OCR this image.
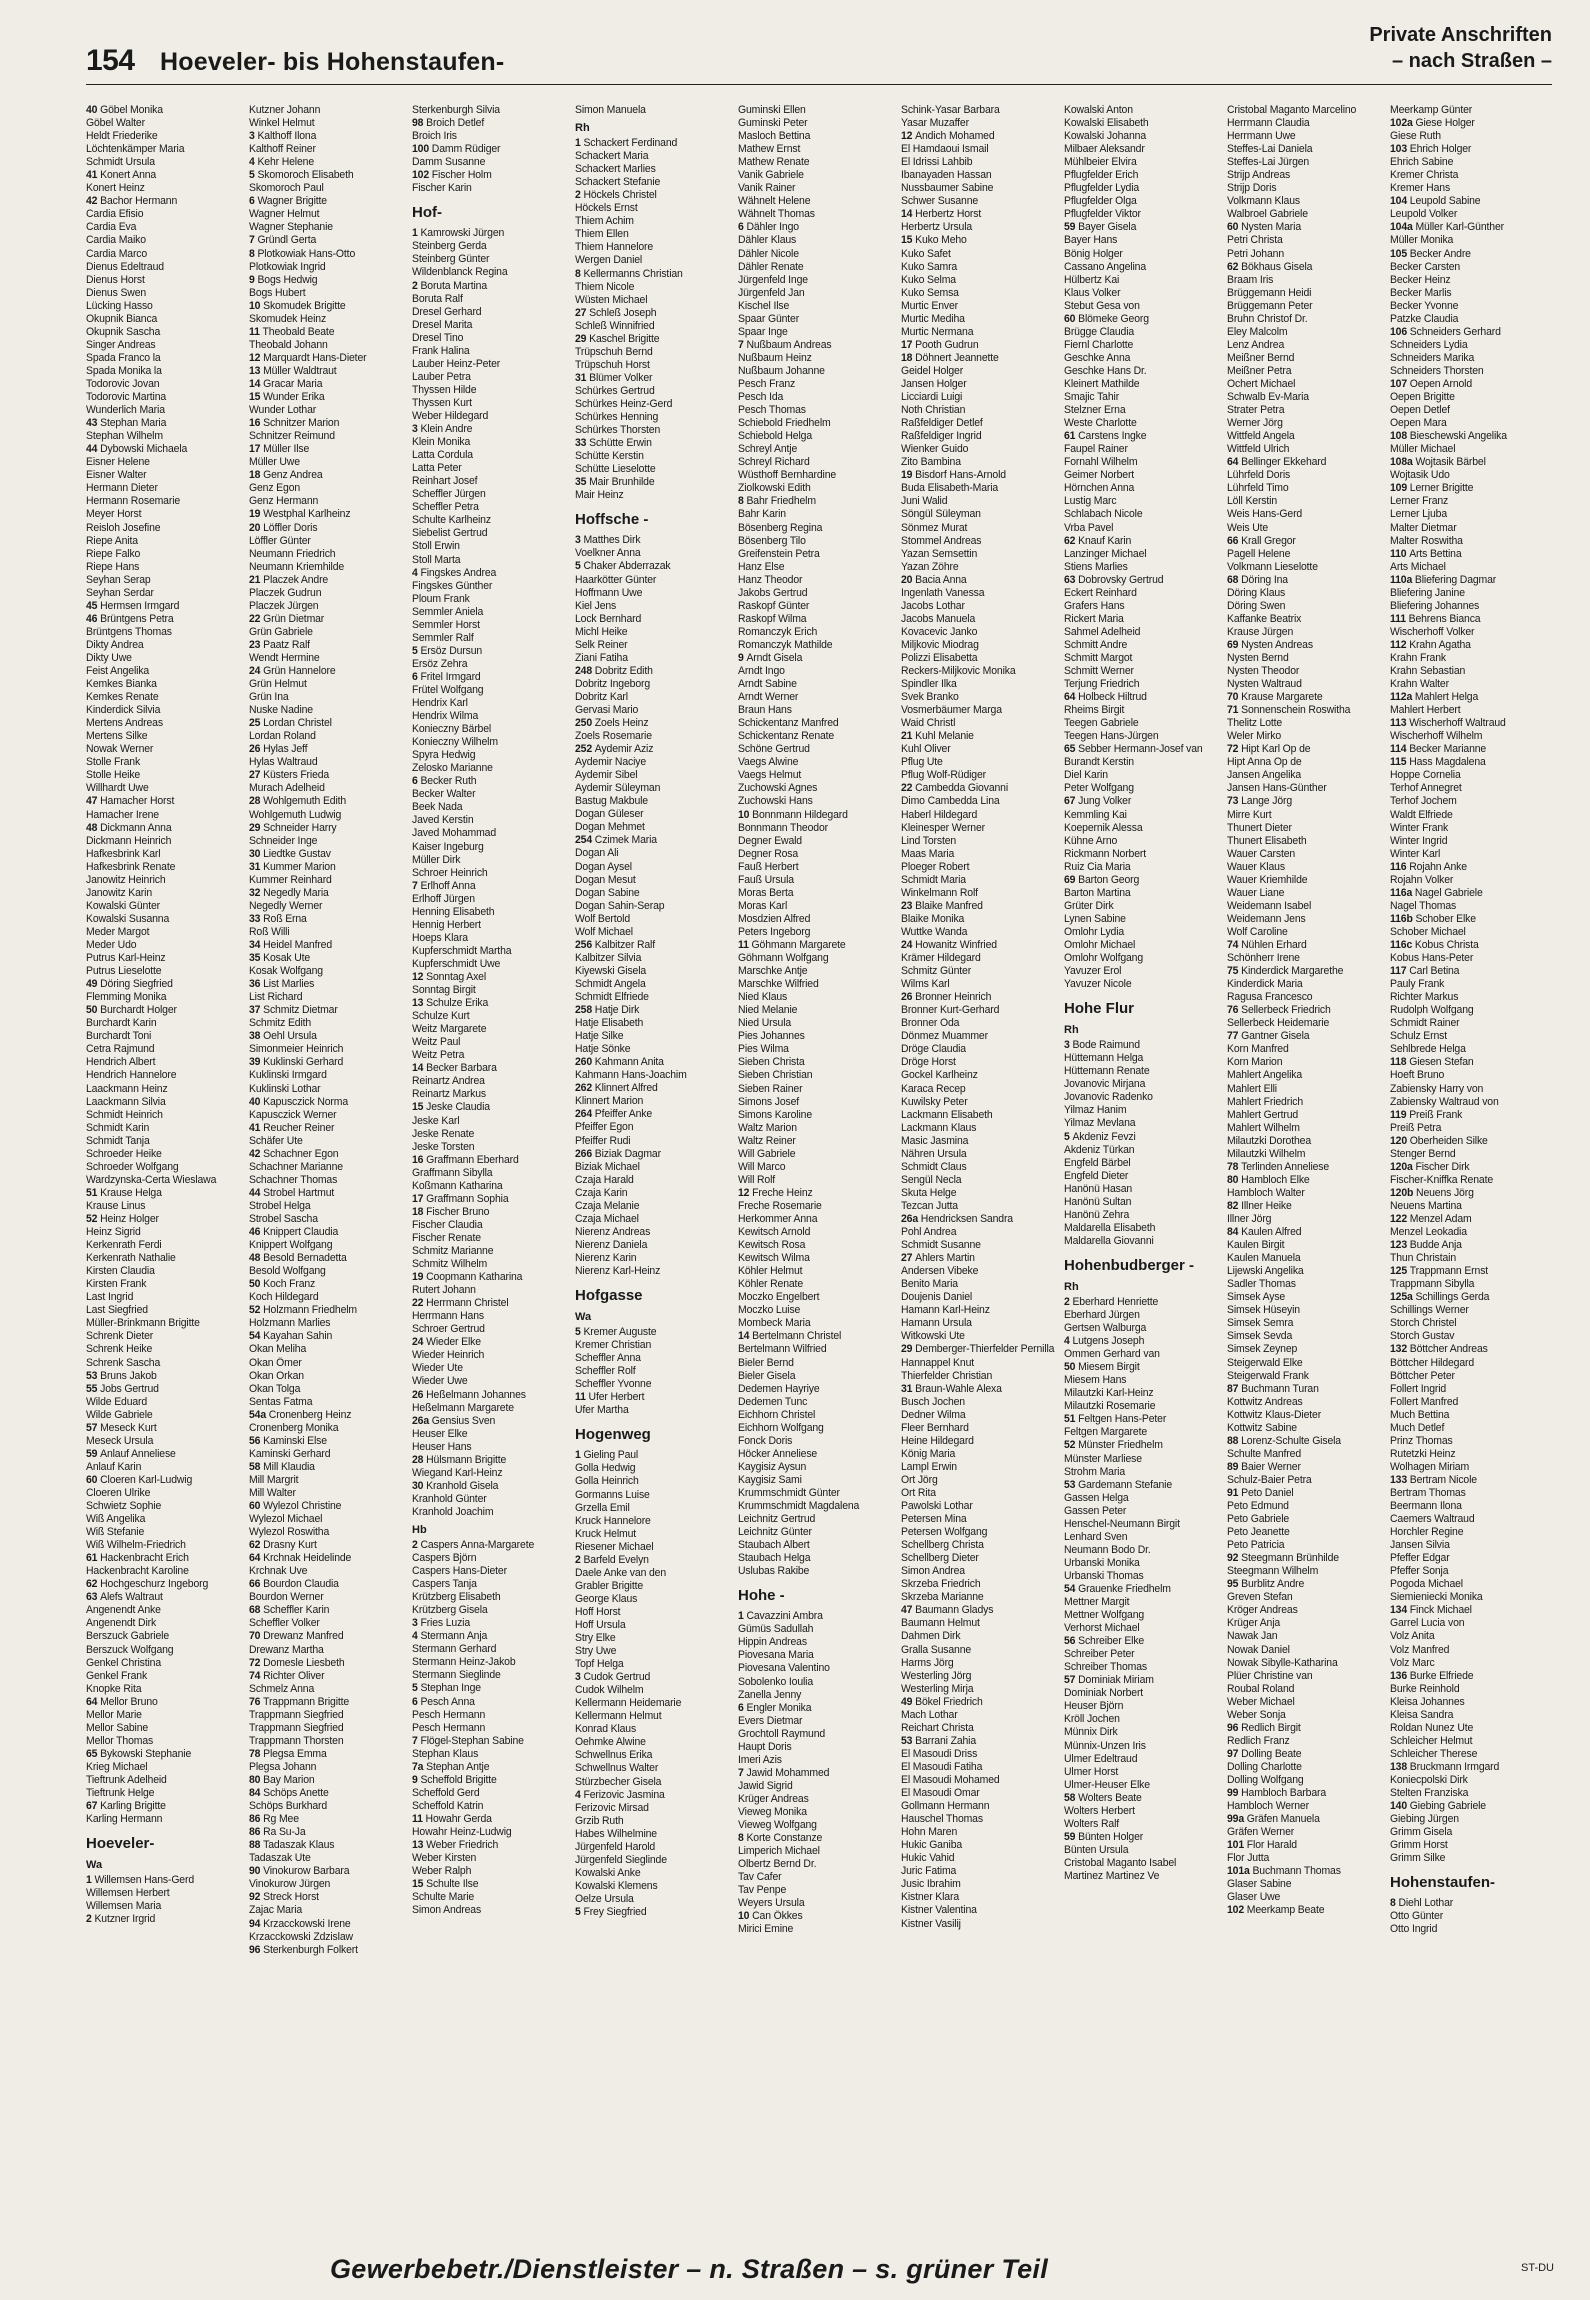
154 Hoeveler- bis Hohenstaufen-
Private Anschriften
– nach Straßen –
40 Göbel Monika
Göbel Walter
Heldt Friederike
Löchtenkämper Maria
Schmidt Ursula
41 Konert Anna
Konert Heinz
42 Bachor Hermann
Cardia Efisio
Cardia Eva
Cardia Maiko
Cardia Marco
Dienus Edeltraud
Dienus Horst
Dienus Swen
Lücking Hasso
Okupnik Bianca
Okupnik Sascha
Singer Andreas
Spada Franco la
Spada Monika la
Todorovic Jovan
Todorovic Martina
Wunderlich Maria
43 Stephan Maria
Stephan Wilhelm
44 Dybowski Michaela
Eisner Helene
Eisner Walter
Hermann Dieter
Hermann Rosemarie
Meyer Horst
Reisloh Josefine
Riepe Anita
Riepe Falko
Riepe Hans
Seyhan Serap
Seyhan Serdar
45 Hermsen Irmgard
46 Brüntgens Petra
Brüntgens Thomas
Dikty Andrea
Dikty Uwe
Feist Angelika
Kemkes Bianka
Kemkes Renate
Kinderdick Silvia
Mertens Andreas
Mertens Silke
Nowak Werner
Stolle Frank
Stolle Heike
Willhardt Uwe
47 Hamacher Horst
Hamacher Irene
48 Dickmann Anna
Dickmann Heinrich
Hafkesbrink Karl
Hafkesbrink Renate
Janowitz Heinrich
Janowitz Karin
Kowalski Günter
Kowalski Susanna
Meder Margot
Meder Udo
Putrus Karl-Heinz
Putrus Lieselotte
49 Döring Siegfried
Flemming Monika
50 Burchardt Holger
Burchardt Karin
Burchardt Toni
Cetra Rajmund
Hendrich Albert
Hendrich Hannelore
Laackmann Heinz
Laackmann Silvia
Schmidt Heinrich
Schmidt Karin
Schmidt Tanja
Schroeder Heike
Schroeder Wolfgang
Wardzynska-Certa Wieslawa
51 Krause Helga
Krause Linus
52 Heinz Holger
Heinz Sigrid
Kerkenrath Ferdi
Kerkenrath Nathalie
Kirsten Claudia
Kirsten Frank
Last Ingrid
Last Siegfried
Müller-Brinkmann Brigitte
Schrenk Dieter
Schrenk Heike
Schrenk Sascha
53 Bruns Jakob
55 Jobs Gertrud
Wilde Eduard
Wilde Gabriele
57 Meseck Kurt
Meseck Ursula
59 Anlauf Anneliese
Anlauf Karin
60 Cloeren Karl-Ludwig
Cloeren Ulrike
Schwietz Sophie
Wiß Angelika
Wiß Stefanie
Wiß Wilhelm-Friedrich
61 Hackenbracht Erich
Hackenbracht Karoline
62 Hochgeschurz Ingeborg
63 Alefs Waltraut
Angenendt Anke
Angenendt Dirk
Berszuck Gabriele
Berszuck Wolfgang
Genkel Christina
Genkel Frank
Knopke Rita
64 Mellor Bruno
Mellor Marie
Mellor Sabine
Mellor Thomas
65 Bykowski Stephanie
Krieg Michael
Tieftrunk Adelheid
Tieftrunk Helge
67 Karling Brigitte
Karling Hermann
Hoeveler-
Wa
1 Willemsen Hans-Gerd
Willemsen Herbert
Willemsen Maria
2 Kutzner Irgrid
Kutzner Johann
Winkel Helmut
3 Kalthoff Ilona
Kalthoff Reiner
4 Kehr Helene
5 Skomoroch Elisabeth
Skomoroch Paul
6 Wagner Brigitte
Wagner Helmut
Wagner Stephanie
7 Gründl Gerta
8 Plotkowiak Hans-Otto
Plotkowiak Ingrid
9 Bogs Hedwig
Bogs Hubert
10 Skomudek Brigitte
Skomudek Heinz
11 Theobald Beate
Theobald Johann
12 Marquardt Hans-Dieter
13 Müller Waldtraut
14 Gracar Maria
15 Wunder Erika
Wunder Lothar
16 Schnitzer Marion
Schnitzer Reimund
17 Müller Ilse
Müller Uwe
18 Genz Andrea
Genz Egon
Genz Hermann
19 Westphal Karlheinz
20 Löffler Doris
Löffler Günter
Neumann Friedrich
Neumann Kriemhilde
21 Placzek Andre
Placzek Gudrun
Placzek Jürgen
22 Grün Dietmar
Grün Gabriele
23 Paatz Ralf
Wendt Hermine
24 Grün Hannelore
Grün Helmut
Grün Ina
Nuske Nadine
25 Lordan Christel
Lordan Roland
26 Hylas Jeff
Hylas Waltraud
27 Küsters Frieda
Murach Adelheid
28 Wohlgemuth Edith
Wohlgemuth Ludwig
29 Schneider Harry
Schneider Inge
30 Liedtke Gustav
31 Kummer Marion
Kummer Reinhard
32 Negedly Maria
Negedly Werner
33 Roß Erna
Roß Willi
34 Heidel Manfred
35 Kosak Ute
Kosak Wolfgang
36 List Marlies
List Richard
37 Schmitz Dietmar
Schmitz Edith
38 Oehl Ursula
Simonmeier Heinrich
39 Kuklinski Gerhard
Kuklinski Irmgard
Kuklinski Lothar
40 Kapusczick Norma
Kapusczick Werner
41 Reucher Reiner
Schäfer Ute
42 Schachner Egon
Schachner Marianne
Schachner Thomas
44 Strobel Hartmut
Strobel Helga
Strobel Sascha
46 Knippert Claudia
Knippert Wolfgang
48 Besold Bernadetta
Besold Wolfgang
50 Koch Franz
Koch Hildegard
52 Holzmann Friedhelm
Holzmann Marlies
54 Kayahan Sahin
Okan Meliha
Okan Ömer
Okan Orkan
Okan Tolga
Sentas Fatma
54a Cronenberg Heinz
Cronenberg Monika
56 Kaminski Else
Kaminski Gerhard
58 Mill Klaudia
Mill Margrit
Mill Walter
60 Wylezol Christine
Wylezol Michael
Wylezol Roswitha
62 Drasny Kurt
64 Krchnak Heidelinde
Krchnak Uve
66 Bourdon Claudia
Bourdon Werner
68 Scheffler Karin
Scheffler Volker
70 Drewanz Manfred
Drewanz Martha
72 Domesle Liesbeth
74 Richter Oliver
Schmelz Anna
76 Trappmann Brigitte
Trappmann Siegfried
Trappmann Siegfried
Trappmann Thorsten
78 Plegsa Emma
Plegsa Johann
80 Bay Marion
84 Schöps Anette
Schöps Burkhard
86 Rg Mee
86 Ra Su-Ja
88 Tadaszak Klaus
Tadaszak Ute
90 Vinokurow Barbara
Vinokurow Jürgen
92 Streck Horst
Zajac Maria
94 Krzacckowski Irene
Krzacckowski Zdzislaw
96 Sterkenburgh Folkert
Sterkenburgh Silvia
98 Broich Detlef
Broich Iris
100 Damm Rüdiger
Damm Susanne
102 Fischer Holm
Fischer Karin
Hof-
1 Kamrowski Jürgen
Steinberg Gerda
Steinberg Günter
Wildenblanck Regina
2 Boruta Martina
Boruta Ralf
Dresel Gerhard
Dresel Marita
Dresel Tino
Frank Halina
Lauber Heinz-Peter
Lauber Petra
Thyssen Hilde
Thyssen Kurt
Weber Hildegard
3 Klein Andre
Klein Monika
Latta Cordula
Latta Peter
Reinhart Josef
Scheffler Jürgen
Scheffler Petra
Schulte Karlheinz
Siebelist Gertrud
Stoll Erwin
Stoll Marta
4 Fingskes Andrea
Fingskes Günther
Ploum Frank
Semmler Aniela
Semmler Horst
Semmler Ralf
5 Ersöz Dursun
Ersöz Zehra
6 Fritel Irmgard
Frütel Wolfgang
Hendrix Karl
Hendrix Wilma
Konieczny Bärbel
Konieczny Wilhelm
Spyra Hedwig
Zelosko Marianne
6 Becker Ruth
Becker Walter
Beek Nada
Javed Kerstin
Javed Mohammad
Kaiser Ingeburg
Müller Dirk
Schroer Heinrich
7 Erlhoff Anna
Erlhoff Jürgen
Henning Elisabeth
Hennig Herbert
Hoeps Klara
Kupferschmidt Martha
Kupferschmidt Uwe
12 Sonntag Axel
Sonntag Birgit
13 Schulze Erika
Schulze Kurt
Weitz Margarete
Weitz Paul
Weitz Petra
14 Becker Barbara
Reinartz Andrea
Reinartz Markus
15 Jeske Claudia
Jeske Karl
Jeske Renate
Jeske Torsten
16 Graffmann Eberhard
Graffmann Sibylla
Koßmann Katharina
17 Graffmann Sophia
18 Fischer Bruno
Fischer Claudia
Fischer Renate
Schmitz Marianne
Schmitz Wilhelm
19 Coopmann Katharina
Rutert Johann
22 Herrmann Christel
Herrmann Hans
Schroer Gertrud
24 Wieder Elke
Wieder Heinrich
Wieder Ute
Wieder Uwe
26 Heßelmann Johannes
Heßelmann Margarete
26a Gensius Sven
Heuser Elke
Heuser Hans
28 Hülsmann Brigitte
Wiegand Karl-Heinz
30 Kranhold Gisela
Kranhold Günter
Kranhold Joachim
Hb
2 Caspers Anna-Margarete
Caspers Björn
Caspers Hans-Dieter
Caspers Tanja
Krützberg Elisabeth
Krützberg Gisela
3 Fries Luzia
4 Stermann Anja
Stermann Gerhard
Stermann Heinz-Jakob
Stermann Sieglinde
5 Stephan Inge
6 Pesch Anna
Pesch Hermann
Pesch Hermann
7 Flögel-Stephan Sabine
Stephan Klaus
7a Stephan Antje
9 Scheffold Brigitte
Scheffold Gerd
Scheffold Katrin
11 Howahr Gerda
Howahr Heinz-Ludwig
13 Weber Friedrich
Weber Kirsten
Weber Ralph
15 Schulte Ilse
Schulte Marie
Simon Andreas
Simon Manuela
Rh
1 Schackert Ferdinand
Schackert Maria
Schackert Marlies
Schackert Stefanie
2 Höckels Christel
Höckels Ernst
Thiem Achim
Thiem Ellen
Thiem Hannelore
Wergen Daniel
8 Kellermanns Christian
Thiem Nicole
Wüsten Michael
27 Schleß Joseph
Schleß Winnifried
29 Kaschel Brigitte
Trüpschuh Bernd
Trüpschuh Horst
31 Blümer Volker
Schürkes Gertrud
Schürkes Heinz-Gerd
Schürkes Henning
Schürkes Thorsten
33 Schütte Erwin
Schütte Kerstin
Schütte Lieselotte
35 Mair Brunhilde
Mair Heinz
Hoffsche -
3 Matthes Dirk
Voelkner Anna
5 Chaker Abderrazak
Haarkötter Günter
Hoffmann Uwe
Kiel Jens
Lock Bernhard
Michl Heike
Selk Reiner
Ziani Fatiha
248 Dobritz Edith
Dobritz Ingeborg
Dobritz Karl
Gervasi Mario
250 Zoels Heinz
Zoels Rosemarie
252 Aydemir Aziz
Aydemir Naciye
Aydemir Sibel
Aydemir Süleyman
Bastug Makbule
Dogan Güleser
Dogan Mehmet
254 Czimek Maria
Dogan Ali
Dogan Aysel
Dogan Mesut
Dogan Sabine
Dogan Sahin-Serap
Wolf Bertold
Wolf Michael
256 Kalbitzer Ralf
Kalbitzer Silvia
Kiyewski Gisela
Schmidt Angela
Schmidt Elfriede
258 Hatje Dirk
Hatje Elisabeth
Hatje Silke
Hatje Sönke
260 Kahmann Anita
Kahmann Hans-Joachim
262 Klinnert Alfred
Klinnert Marion
264 Pfeiffer Anke
Pfeiffer Egon
Pfeiffer Rudi
266 Biziak Dagmar
Biziak Michael
Czaja Harald
Czaja Karin
Czaja Melanie
Czaja Michael
Nierenz Andreas
Nierenz Daniela
Nierenz Karin
Nierenz Karl-Heinz
Hofgasse
Wa
5 Kremer Auguste
Kremer Christian
Scheffler Anna
Scheffler Rolf
Scheffler Yvonne
11 Ufer Herbert
Ufer Martha
Hogenweg
1 Gieling Paul
Golla Hedwig
Golla Heinrich
Gormanns Luise
Grzella Emil
Kruck Hannelore
Kruck Helmut
Riesener Michael
2 Barfeld Evelyn
Daele Anke van den
Grabler Brigitte
George Klaus
Hoff Horst
Hoff Ursula
Stry Elke
Stry Uwe
Topf Helga
3 Cudok Gertrud
Cudok Wilhelm
Kellermann Heidemarie
Kellermann Helmut
Konrad Klaus
Oehmke Alwine
Schwellnus Erika
Schwellnus Walter
Stürzbecher Gisela
4 Ferizovic Jasmina
Ferizovic Mirsad
Grzib Ruth
Habes Wilhelmine
Jürgenfeld Harold
Jürgenfeld Sieglinde
Kowalski Anke
Kowalski Klemens
Oelze Ursula
5 Frey Siegfried
Guminski Ellen
Guminski Peter
Masloch Bettina
Mathew Ernst
Mathew Renate
Vanik Gabriele
Vanik Rainer
Wähnelt Helene
Wähnelt Thomas
6 Dähler Ingo
Dähler Klaus
Dähler Nicole
Dähler Renate
Jürgenfeld Inge
Jürgenfeld Jan
Kischel Ilse
Spaar Günter
Spaar Inge
7 Nußbaum Andreas
Nußbaum Heinz
Nußbaum Johanne
Pesch Franz
Pesch Ida
Pesch Thomas
Schiebold Friedhelm
Schiebold Helga
Schreyl Antje
Schreyl Richard
Wüsthoff Bernhardine
Ziolkowski Edith
8 Bahr Friedhelm
Bahr Karin
Bösenberg Regina
Bösenberg Tilo
Greifenstein Petra
Hanz Else
Hanz Theodor
Jakobs Gertrud
Raskopf Günter
Raskopf Wilma
Romanczyk Erich
Romanczyk Mathilde
9 Arndt Gisela
Arndt Ingo
Arndt Sabine
Arndt Werner
Braun Hans
Schickentanz Manfred
Schickentanz Renate
Schöne Gertrud
Vaegs Alwine
Vaegs Helmut
Zuchowski Agnes
Zuchowski Hans
10 Bonnmann Hildegard
Bonnmann Theodor
Degner Ewald
Degner Rosa
Fauß Herbert
Fauß Ursula
Moras Berta
Moras Karl
Mosdzien Alfred
Peters Ingeborg
11 Göhmann Margarete
Göhmann Wolfgang
Marschke Antje
Marschke Wilfried
Nied Klaus
Nied Melanie
Nied Ursula
Pies Johannes
Pies Wilma
Sieben Christa
Sieben Christian
Sieben Rainer
Simons Josef
Simons Karoline
Waltz Marion
Waltz Reiner
Will Gabriele
Will Marco
Will Rolf
12 Freche Heinz
Freche Rosemarie
Herkommer Anna
Kewitsch Arnold
Kewitsch Rosa
Kewitsch Wilma
Köhler Helmut
Köhler Renate
Moczko Engelbert
Moczko Luise
Mombeck Maria
14 Bertelmann Christel
Bertelmann Wilfried
Bieler Bernd
Bieler Gisela
Dedemen Hayriye
Dedemen Tunc
Eichhorn Christel
Eichhorn Wolfgang
Fonck Doris
Höcker Anneliese
Kaygisiz Aysun
Kaygisiz Sami
Krummschmidt Günter
Krummschmidt Magdalena
Leichnitz Gertrud
Leichnitz Günter
Staubach Albert
Staubach Helga
Uslubas Rakibe
Hohe -
1 Cavazzini Ambra
Gümüs Sadullah
Hippin Andreas
Piovesana Maria
Piovesana Valentino
Sobolenko Ioulia
Zanella Jenny
6 Engler Monika
Evers Dietmar
Grochtoll Raymund
Haupt Doris
Imeri Azis
7 Jawid Mohammed
Jawid Sigrid
Krüger Andreas
Vieweg Monika
Vieweg Wolfgang
8 Korte Constanze
Limperich Michael
Olbertz Bernd Dr.
Tav Cafer
Tav Penpe
Weyers Ursula
10 Can Ökkes
Mirici Emine
Schink-Yasar Barbara
Yasar Muzaffer
12 Andich Mohamed
El Hamdaoui Ismail
El Idrissi Lahbib
Ibanayaden Hassan
Nussbaumer Sabine
Schwer Susanne
14 Herbertz Horst
Herbertz Ursula
15 Kuko Meho
Kuko Safet
Kuko Samra
Kuko Selma
Kuko Semsa
Murtic Enver
Murtic Mediha
Murtic Nermana
17 Pooth Gudrun
18 Döhnert Jeannette
Geidel Holger
Jansen Holger
Licciardi Luigi
Noth Christian
Raßfeldiger Detlef
Raßfeldiger Ingrid
Wienker Guido
Zito Bambina
19 Bisdorf Hans-Arnold
Buda Elisabeth-Maria
Juni Walid
Söngül Süleyman
Sönmez Murat
Stommel Andreas
Yazan Semsettin
Yazan Zöhre
20 Bacia Anna
Ingenlath Vanessa
Jacobs Lothar
Jacobs Manuela
Kovacevic Janko
Miljkovic Miodrag
Polizzi Elisabetta
Reckers-Miljkovic Monika
Spindler Ilka
Svek Branko
Vosmerbäumer Marga
Waid Christl
21 Kuhl Melanie
Kuhl Oliver
Pflug Ute
Pflug Wolf-Rüdiger
22 Cambedda Giovanni
Dimo Cambedda Lina
Haberl Hildegard
Kleinesper Werner
Lind Torsten
Maas Maria
Ploeger Robert
Schmidt Maria
Winkelmann Rolf
23 Blaike Manfred
Blaike Monika
Wuttke Wanda
24 Howanitz Winfried
Krämer Hildegard
Schmitz Günter
Wilms Karl
26 Bronner Heinrich
Bronner Kurt-Gerhard
Bronner Oda
Dönmez Muammer
Dröge Claudia
Dröge Horst
Gockel Karlheinz
Karaca Recep
Kuwilsky Peter
Lackmann Elisabeth
Lackmann Klaus
Masic Jasmina
Nähren Ursula
Schmidt Claus
Sengül Necla
Skuta Helge
Tezcan Jutta
26a Hendricksen Sandra
Pohl Andrea
Schmidt Susanne
27 Ahlers Martin
Andersen Vibeke
Benito Maria
Doujenis Daniel
Hamann Karl-Heinz
Hamann Ursula
Witkowski Ute
29 Demberger-Thierfelder Pernilla
Hannappel Knut
Thierfelder Christian
31 Braun-Wahle Alexa
Busch Jochen
Dedner Wilma
Fleer Bernhard
Heine Hildegard
König Maria
Lampl Erwin
Ort Jörg
Ort Rita
Pawolski Lothar
Petersen Mina
Petersen Wolfgang
Schellberg Christa
Schellberg Dieter
Simon Andrea
Skrzeba Friedrich
Skrzeba Marianne
47 Baumann Gladys
Baumann Helmut
Dahmen Dirk
Gralla Susanne
Harms Jörg
Westerling Jörg
Westerling Mirja
49 Bökel Friedrich
Mach Lothar
Reichart Christa
53 Barrani Zahia
El Masoudi Driss
El Masoudi Fatiha
El Masoudi Mohamed
El Masoudi Omar
Gollmann Hermann
Hauschel Thomas
Hohn Maren
Hukic Ganiba
Hukic Vahid
Juric Fatima
Jusic Ibrahim
Kistner Klara
Kistner Valentina
Kistner Vasilij
Kowalski Anton
Kowalski Elisabeth
Kowalski Johanna
Milbaer Aleksandr
Mühlbeier Elvira
Pflugfelder Erich
Pflugfelder Lydia
Pflugfelder Olga
Pflugfelder Viktor
59 Bayer Gisela
Bayer Hans
Bönig Holger
Cassano Angelina
Hülbertz Kai
Klaus Volker
Stebut Gesa von
60 Blömeke Georg
Brügge Claudia
Fiernl Charlotte
Geschke Anna
Geschke Hans Dr.
Kleinert Mathilde
Smajic Tahir
Stelzner Erna
Weste Charlotte
61 Carstens Ingke
Faupel Rainer
Fornahl Wilhelm
Geimer Norbert
Hörnchen Anna
Lustig Marc
Schlabach Nicole
Vrba Pavel
62 Knauf Karin
Lanzinger Michael
Stiens Marlies
63 Dobrovsky Gertrud
Eckert Reinhard
Grafers Hans
Rickert Maria
Sahmel Adelheid
Schmitt Andre
Schmitt Margot
Schmitt Werner
Terjung Friedrich
64 Holbeck Hiltrud
Rheims Birgit
Teegen Gabriele
Teegen Hans-Jürgen
65 Sebber Hermann-Josef van
Burandt Kerstin
Diel Karin
Peter Wolfgang
67 Jung Volker
Kemmling Kai
Koepernik Alessa
Kühne Arno
Rickmann Norbert
Ruiz Cia Maria
69 Barton Georg
Barton Martina
Grüter Dirk
Lynen Sabine
Omlohr Lydia
Omlohr Michael
Omlohr Wolfgang
Yavuzer Erol
Yavuzer Nicole
Hohe Flur
Rh
3 Bode Raimund
Hüttemann Helga
Hüttemann Renate
Jovanovic Mirjana
Jovanovic Radenko
Yilmaz Hanim
Yilmaz Mevlana
5 Akdeniz Fevzi
Akdeniz Türkan
Engfeld Bärbel
Engfeld Dieter
Hanönü Hasan
Hanönü Sultan
Hanönü Zehra
Maldarella Elisabeth
Maldarella Giovanni
Hohenbudberger -
Rh
2 Eberhard Henriette
Eberhard Jürgen
Gertsen Walburga
4 Lutgens Joseph
Ommen Gerhard van
50 Miesem Birgit
Miesem Hans
Milautzki Karl-Heinz
Milautzki Rosemarie
51 Feltgen Hans-Peter
Feltgen Margarete
52 Münster Friedhelm
Münster Marliese
Strohm Maria
53 Gardemann Stefanie
Gassen Helga
Gassen Peter
Henschel-Neumann Birgit
Lenhard Sven
Neumann Bodo Dr.
Urbanski Monika
Urbanski Thomas
54 Grauenke Friedhelm
Mettner Margit
Mettner Wolfgang
Verhorst Michael
56 Schreiber Elke
Schreiber Peter
Schreiber Thomas
57 Dominiak Miriam
Dominiak Norbert
Heuser Björn
Kröll Jochen
Münnix Dirk
Münnix-Unzen Iris
Ulmer Edeltraud
Ulmer Horst
Ulmer-Heuser Elke
58 Wolters Beate
Wolters Herbert
Wolters Ralf
59 Bünten Holger
Bünten Ursula
Cristobal Maganto Isabel
Martinez Martinez Ve
Cristobal Maganto Marcelino
Herrmann Claudia
Herrmann Uwe
Steffes-Lai Daniela
Steffes-Lai Jürgen
Strijp Andreas
Strijp Doris
Volkmann Klaus
Walbroel Gabriele
60 Nysten Maria
Petri Christa
Petri Johann
62 Bökhaus Gisela
Braam Iris
Brüggemann Heidi
Brüggemann Peter
Bruhn Christof Dr.
Eley Malcolm
Lenz Andrea
Meißner Bernd
Meißner Petra
Ochert Michael
Schwalb Ev-Maria
Strater Petra
Werner Jörg
Wittfeld Angela
Wittfeld Ulrich
64 Bellinger Ekkehard
Lührfeld Doris
Lührfeld Timo
Löll Kerstin
Weis Hans-Gerd
Weis Ute
66 Krall Gregor
Pagell Helene
Volkmann Lieselotte
68 Döring Ina
Döring Klaus
Döring Swen
Kaffanke Beatrix
Krause Jürgen
69 Nysten Andreas
Nysten Bernd
Nysten Theodor
Nysten Waltraud
70 Krause Margarete
71 Sonnenschein Roswitha
Thelitz Lotte
Weler Mirko
72 Hipt Karl Op de
Hipt Anna Op de
Jansen Angelika
Jansen Hans-Günther
73 Lange Jörg
Mirre Kurt
Thunert Dieter
Thunert Elisabeth
Wauer Carsten
Wauer Klaus
Wauer Kriemhilde
Wauer Liane
Weidemann Isabel
Weidemann Jens
Wolf Caroline
74 Nühlen Erhard
Schönherr Irene
75 Kinderdick Margarethe
Kinderdick Maria
Ragusa Francesco
76 Sellerbeck Friedrich
Sellerbeck Heidemarie
77 Gantner Gisela
Korn Manfred
Korn Marion
Mahlert Angelika
Mahlert Elli
Mahlert Friedrich
Mahlert Gertrud
Mahlert Wilhelm
Milautzki Dorothea
Milautzki Wilhelm
78 Terlinden Anneliese
80 Hambloch Elke
Hambloch Walter
82 Illner Heike
Illner Jörg
84 Kaulen Alfred
Kaulen Birgit
Kaulen Manuela
Lijewski Angelika
Sadler Thomas
Simsek Ayse
Simsek Hüseyin
Simsek Semra
Simsek Sevda
Simsek Zeynep
Steigerwald Elke
Steigerwald Frank
87 Buchmann Turan
Kottwitz Andreas
Kottwitz Klaus-Dieter
Kottwitz Sabine
88 Lorenz-Schulte Gisela
Schulte Manfred
89 Baier Werner
Schulz-Baier Petra
91 Peto Daniel
Peto Edmund
Peto Gabriele
Peto Jeanette
Peto Patricia
92 Steegmann Brünhilde
Steegmann Wilhelm
95 Burblitz Andre
Greven Stefan
Kröger Andreas
Krüger Anja
Nawak Jan
Nowak Daniel
Nowak Sibylle-Katharina
Plüer Christine van
Roubal Roland
Weber Michael
Weber Sonja
96 Redlich Birgit
Redlich Franz
97 Dolling Beate
Dolling Charlotte
Dolling Wolfgang
99 Hambloch Barbara
Hambloch Werner
99a Gräfen Manuela
Gräfen Werner
101 Flor Harald
Flor Jutta
101a Buchmann Thomas
Glaser Sabine
Glaser Uwe
102 Meerkamp Beate
Meerkamp Günter
102a Giese Holger
Giese Ruth
103 Ehrich Holger
Ehrich Sabine
Kremer Christa
Kremer Hans
104 Leupold Sabine
Leupold Volker
104a Müller Karl-Günther
Müller Monika
105 Becker Andre
Becker Carsten
Becker Heinz
Becker Marlis
Becker Yvonne
Patzke Claudia
106 Schneiders Gerhard
Schneiders Lydia
Schneiders Marika
Schneiders Thorsten
107 Oepen Arnold
Oepen Brigitte
Oepen Detlef
Oepen Mara
108 Bieschewski Angelika
Müller Michael
108a Wojtasik Bärbel
Wojtasik Udo
109 Lerner Brigitte
Lerner Franz
Lerner Ljuba
Malter Dietmar
Malter Roswitha
110 Arts Bettina
Arts Michael
110a Bliefering Dagmar
Bliefering Janine
Bliefering Johannes
111 Behrens Bianca
Wischerhoff Volker
112 Krahn Agatha
Krahn Frank
Krahn Sebastian
Krahn Walter
112a Mahlert Helga
Mahlert Herbert
113 Wischerhoff Waltraud
Wischerhoff Wilhelm
114 Becker Marianne
115 Hass Magdalena
Hoppe Cornelia
Terhof Annegret
Terhof Jochem
Waldt Elfriede
Winter Frank
Winter Ingrid
Winter Karl
116 Rojahn Anke
Rojahn Volker
116a Nagel Gabriele
Nagel Thomas
116b Schober Elke
Schober Michael
116c Kobus Christa
Kobus Hans-Peter
117 Carl Betina
Pauly Frank
Richter Markus
Rudolph Wolfgang
Schmidt Rainer
Schulz Ernst
Sehlbrede Helga
118 Giesen Stefan
Hoeft Bruno
Zabiensky Harry von
Zabiensky Waltraud von
119 Preiß Frank
Preiß Petra
120 Oberheiden Silke
Stenger Bernd
120a Fischer Dirk
Fischer-Kniffka Renate
120b Neuens Jörg
Neuens Martina
122 Menzel Adam
Menzel Leokadia
123 Budde Anja
Thun Christain
125 Trappmann Ernst
Trappmann Sibylla
125a Schillings Gerda
Schillings Werner
Storch Christel
Storch Gustav
132 Böttcher Andreas
Böttcher Hildegard
Böttcher Peter
Follert Ingrid
Follert Manfred
Much Bettina
Much Detlef
Prinz Thomas
Rutetzki Heinz
Wolhagen Miriam
133 Bertram Nicole
Bertram Thomas
Beermann Ilona
Caemers Waltraud
Horchler Regine
Jansen Silvia
Pfeffer Edgar
Pfeffer Sonja
Pogoda Michael
Siemieniecki Monika
134 Finck Michael
Garrel Lucia von
Volz Anita
Volz Manfred
Volz Marc
136 Burke Elfriede
Burke Reinhold
Kleisa Johannes
Kleisa Sandra
Roldan Nunez Ute
Schleicher Helmut
Schleicher Therese
138 Bruckmann Irmgard
Koniecpolski Dirk
Stelten Franziska
140 Giebing Gabriele
Giebing Jürgen
Grimm Gisela
Grimm Horst
Grimm Silke
Hohenstaufen-
8 Diehl Lothar
Otto Günter
Otto Ingrid
Gewerbebetr./Dienstleister – n. Straßen – s. grüner Teil	ST-DU
